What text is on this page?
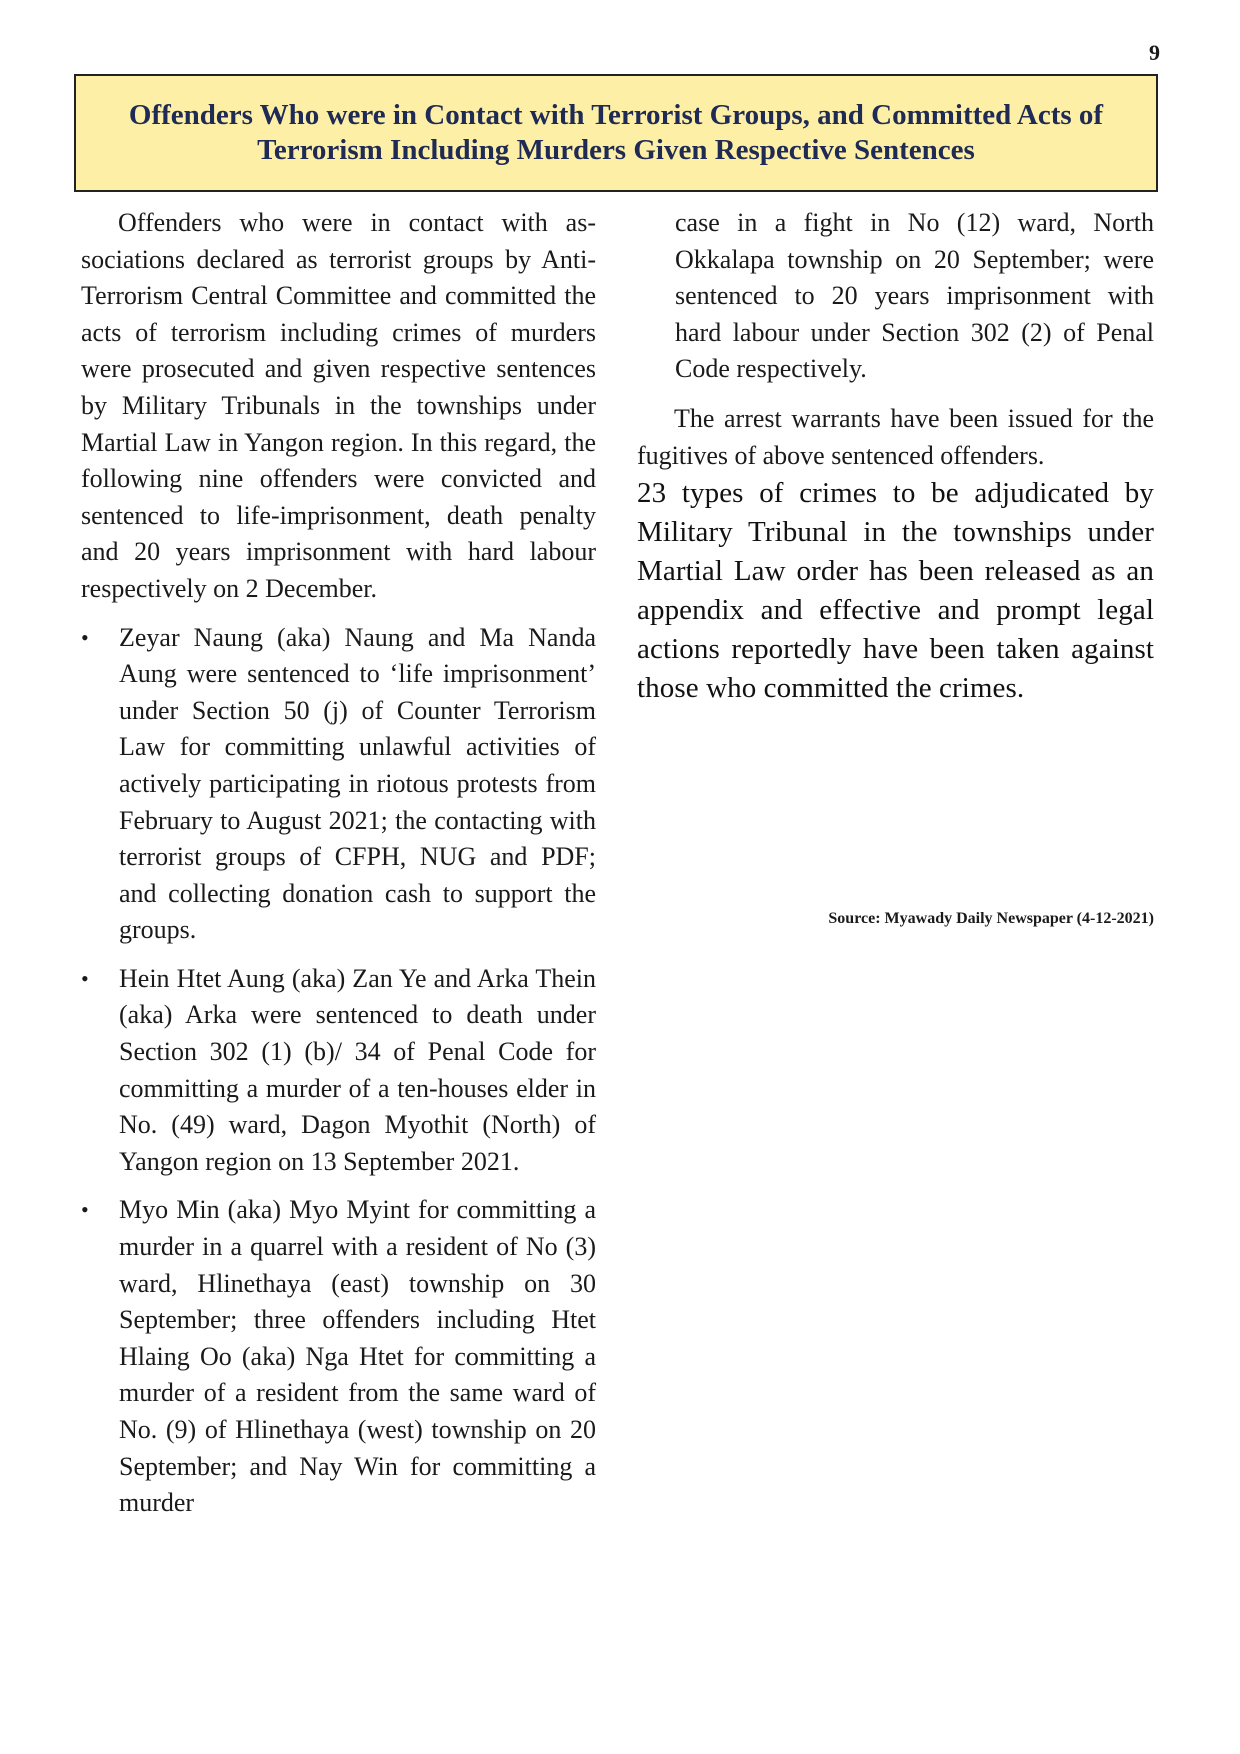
9
Offenders Who were in Contact with Terrorist Groups, and Committed Acts of
Terrorism Including Murders Given Respective Sentences

Offenders who were in contact with associations declared as terrorist groups by Anti-Terrorism Central Committee and committed the acts of terrorism including crimes of murders were prosecuted and given respective sentences by Military Tribunals in the townships under Martial Law in Yangon region. In this regard, the following nine offenders were convicted and sentenced to life-imprisonment, death penalty and 20 years imprisonment with hard labour respectively on 2 December.

• Zeyar Naung (aka) Naung and Ma Nanda Aung were sentenced to ‘life imprisonment’ under Section 50 (j) of Counter Terrorism Law for committing unlawful activities of actively participating in riotous protests from February to August 2021; the contacting with terrorist groups of CFPH, NUG and PDF; and collecting donation cash to support the groups.

• Hein Htet Aung (aka) Zan Ye and Arka Thein (aka) Arka were sentenced to death under Section 302 (1) (b)/ 34 of Penal Code for committing a murder of a ten-houses elder in No. (49) ward, Dagon Myothit (North) of Yangon region on 13 September 2021.

• Myo Min (aka) Myo Myint for committing a murder in a quarrel with a resident of No (3) ward, Hlinethaya (east) township on 30 September; three offenders including Htet Hlaing Oo (aka) Nga Htet for committing a murder of a resident from the same ward of No. (9) of Hlinethaya (west) township on 20 September; and Nay Win for committing a murder

case in a fight in No (12) ward, North Okkalapa township on 20 September; were sentenced to 20 years imprisonment with hard labour under Section 302 (2) of Penal Code respectively.

The arrest warrants have been issued for the fugitives of above sentenced offenders.

23 types of crimes to be adjudicated by Military Tribunal in the townships under Martial Law order has been released as an appendix and effective and prompt legal actions reportedly have been taken against those who committed the crimes.

Source: Myawady Daily Newspaper (4-12-2021)
